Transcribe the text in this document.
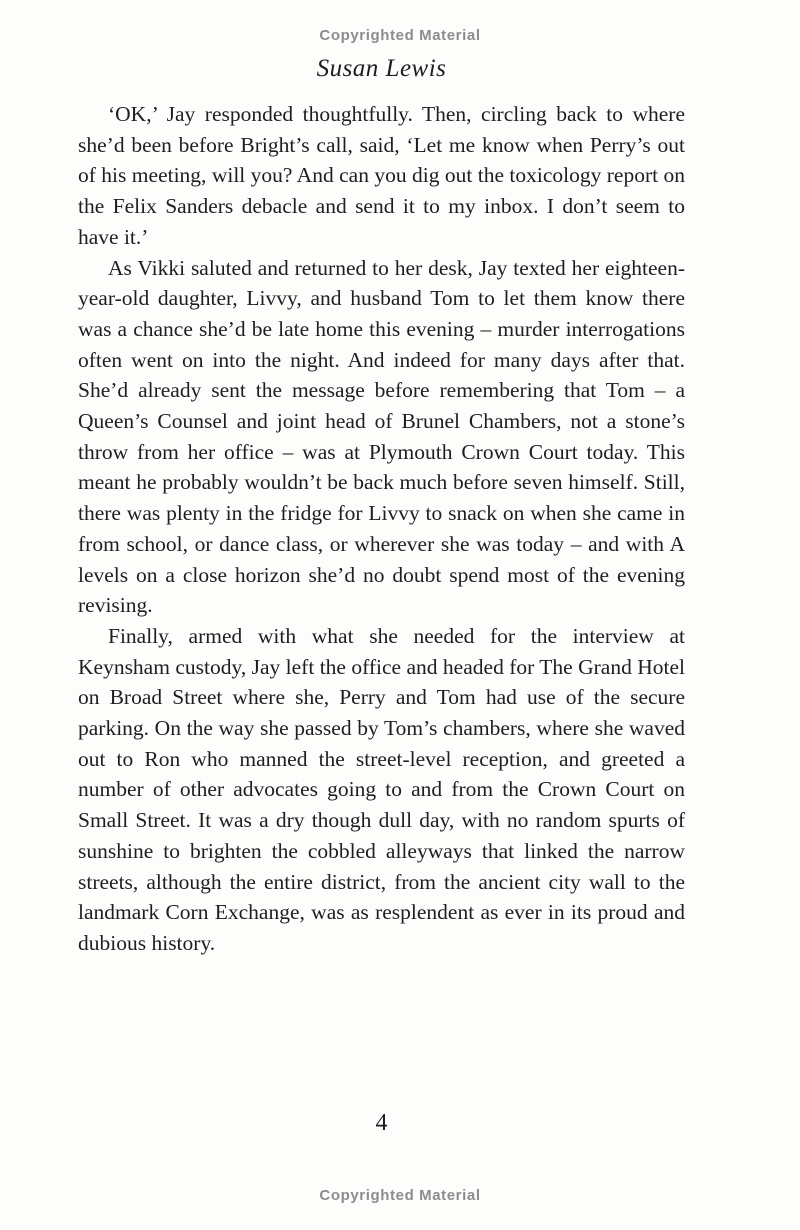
Copyrighted Material
Susan Lewis

‘OK,’ Jay responded thoughtfully. Then, circling back to where she’d been before Bright’s call, said, ‘Let me know when Perry’s out of his meeting, will you? And can you dig out the toxicology report on the Felix Sanders debacle and send it to my inbox. I don’t seem to have it.’

As Vikki saluted and returned to her desk, Jay texted her eighteen-year-old daughter, Livvy, and husband Tom to let them know there was a chance she’d be late home this evening – murder interrogations often went on into the night. And indeed for many days after that. She’d already sent the message before remembering that Tom – a Queen’s Counsel and joint head of Brunel Chambers, not a stone’s throw from her office – was at Plymouth Crown Court today. This meant he probably wouldn’t be back much before seven himself. Still, there was plenty in the fridge for Livvy to snack on when she came in from school, or dance class, or wherever she was today – and with A levels on a close horizon she’d no doubt spend most of the evening revising.

Finally, armed with what she needed for the interview at Keynsham custody, Jay left the office and headed for The Grand Hotel on Broad Street where she, Perry and Tom had use of the secure parking. On the way she passed by Tom’s chambers, where she waved out to Ron who manned the street-level reception, and greeted a number of other advocates going to and from the Crown Court on Small Street. It was a dry though dull day, with no random spurts of sunshine to brighten the cobbled alleyways that linked the narrow streets, although the entire district, from the ancient city wall to the landmark Corn Exchange, was as resplendent as ever in its proud and dubious history.

4
Copyrighted Material
